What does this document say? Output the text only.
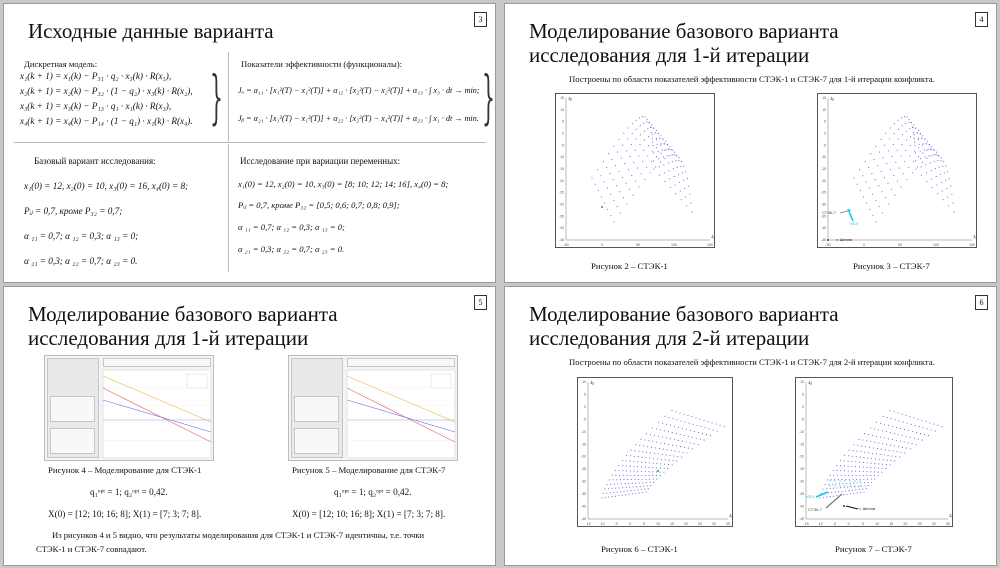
3
Исходные данные варианта
Дискретная модель:
x₁(k + 1) = x₁(k) − P₃₁ · q₂ · x₃(k) · R(x₅),
x₂(k + 1) = x₂(k) − P₃₂ · (1 − q₂) · x₃(k) · R(x₂),
x₃(k + 1) = x₃(k) − P₁₃ · q₁ · x₁(k) · R(x₃),
x₄(k + 1) = x₄(k) − P₁₄ · (1 − q₁) · x₁(k) · R(x₄). } Показатели эффективности (функционалы):
Jₐ = α₁₁ · [x₁²(T) − x₁²(T)] + α₁₂ · [x₂²(T) − x₂²(T)] + α₁₃ · ∫ x₃ · dt → min;
Jᵦ = α₂₁ · [x₁²(T) − x₁²(T)] + α₂₂ · [x₂²(T) − x₄²(T)] + α₂₃ · ∫ x₁ · dt → min. }
Базовый вариант исследования:
x₁(0) = 12, x₂(0) = 10, x₃(0) = 16, x₄(0) = 8;
Pᵢⱼ = 0,7, кроме P₃₂ = 0,7;
α ₁₁ = 0,7; α ₁₂ = 0,3; α ₁₃ = 0;
α ₂₁ = 0,3; α ₂₂ = 0,7; α ₂₃ = 0.
Исследование при вариации переменных:
x₁(0) = 12, x₂(0) = 10, x₃(0) = [8; 10; 12; 14; 16], x₄(0) = 8;
Pᵢⱼ = 0,7, кроме P₃₂ = [0,5; 0,6; 0,7; 0,8; 0,9];
α ₁₁ = 0,7; α ₁₂ = 0,3; α ₁₃ = 0;
α ₂₁ = 0,3; α ₂₂ = 0,7; α ₂₃ = 0.
4
Моделирование базового варианта
исследования для 1-й итерации
Построены по области показателей эффективности СТЭК-1 и СТЭК-7 для 1-й итерации конфликта.
-50	0	50	100	150
15
10
5
0
-5
-10
-15
-20
-25
-30
-35
-40
-45
Jₐ
Jᵦ
-50	0	50	100	150
15
10
5
0
-5
-10
-15
-20
-25
-30
-35
-40
-45
Jₐ
Jᵦ
СТЭК-7
УБЭ
т. Шепли
Рисунок 2 – СТЭК-1	Рисунок 3 – СТЭК-7
5
Моделирование базового варианта
исследования для 1-й итерации
Рисунок 4 – Моделирование для СТЭК-1	Рисунок 5 – Моделирование для СТЭК-7
q₁ᵒᵖᵗ = 1; q₂ᵒᵖᵗ = 0,42.	q₁ᵒᵖᵗ = 1; q₂ᵒᵖᵗ = 0,42.
X(0) = [12; 10; 16; 8]; X(1) = [7; 3; 7; 8].	X(0) = [12; 10; 16; 8]; X(1) = [7; 3; 7; 8].
Из рисунков 4 и 5 видно, что результаты моделирования для СТЭК-1 и СТЭК-7 идентичны, т.е. точки
СТЭК-1 и СТЭК-7 совпадают.
6
Моделирование базового варианта
исследования для 2-й итерации
Построены по области показателей эффективности СТЭК-1 и СТЭК-7 для 2-й итерации конфликта.
-15 -10	-5	0	5	10	15	20	25	30	35
10
5
0
-5
-10
-15
-20
-25
-30
-35
-40
-45
Jₐ
Jᵦ
-15 -10	-5	0	5	10	15	20	25	30	35
10
5
0
-5
-10
-15
-20
-25
-30
-35
-40
-45
Jₐ
Jᵦ
СТЭК-7
УБЭ
т. Шепли
Рисунок 6 – СТЭК-1	Рисунок 7 – СТЭК-7
